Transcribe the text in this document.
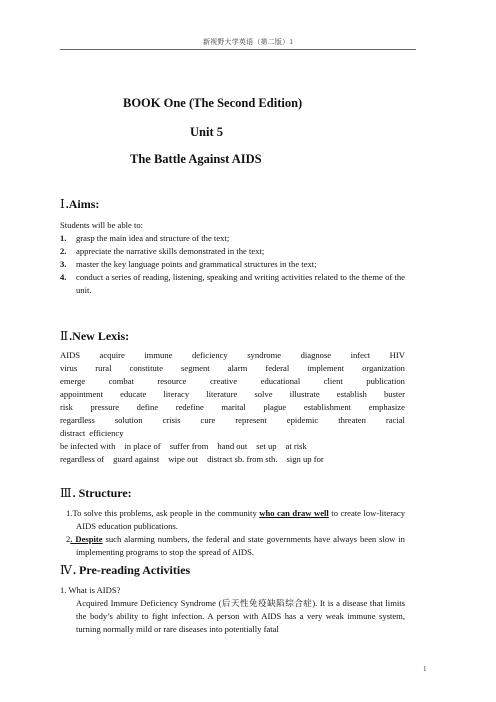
新视野大学英语（第二版）1
BOOK One (The Second Edition)
Unit 5
The Battle Against AIDS
Ⅰ.Aims:
Students will be able to:
1. grasp the main idea and structure of the text;
2. appreciate the narrative skills demonstrated in the text;
3. master the key language points and grammatical structures in the text;
4. conduct a series of reading, listening, speaking and writing activities related to the theme of the unit.
Ⅱ.New Lexis:
AIDS acquire immune deficiency syndrome diagnose infect HIV
virus rural constitute segment alarm federal implement organization
emerge	combat	resource	creative	educational	client	publication
appointment educate literacy literature solve illustrate establish buster
risk pressure define redefine marital plague establishment emphasize
regardless solution crisis cure represent epidemic threaten racial
distract efficiency
be infected with in place of suffer from hand out set up at risk
regardless of guard against wipe out distract sb. from sth. sign up for
Ⅲ. Structure:
1.To solve this problems, ask people in the community who can draw well to create low-literacy AIDS education publications.
2. Despite such alarming numbers, the federal and state governments have always been slow in implementing programs to stop the spread of AIDS.
Ⅳ. Pre-reading Activities
1. What is AIDS?
Acquired Immure Deficiency Syndrome (后天性免疫缺陷综合症). It is a disease that limits the body’s ability to fight infection. A person with AIDS has a very weak immune system, turning normally mild or rare diseases into potentially fatal
1
